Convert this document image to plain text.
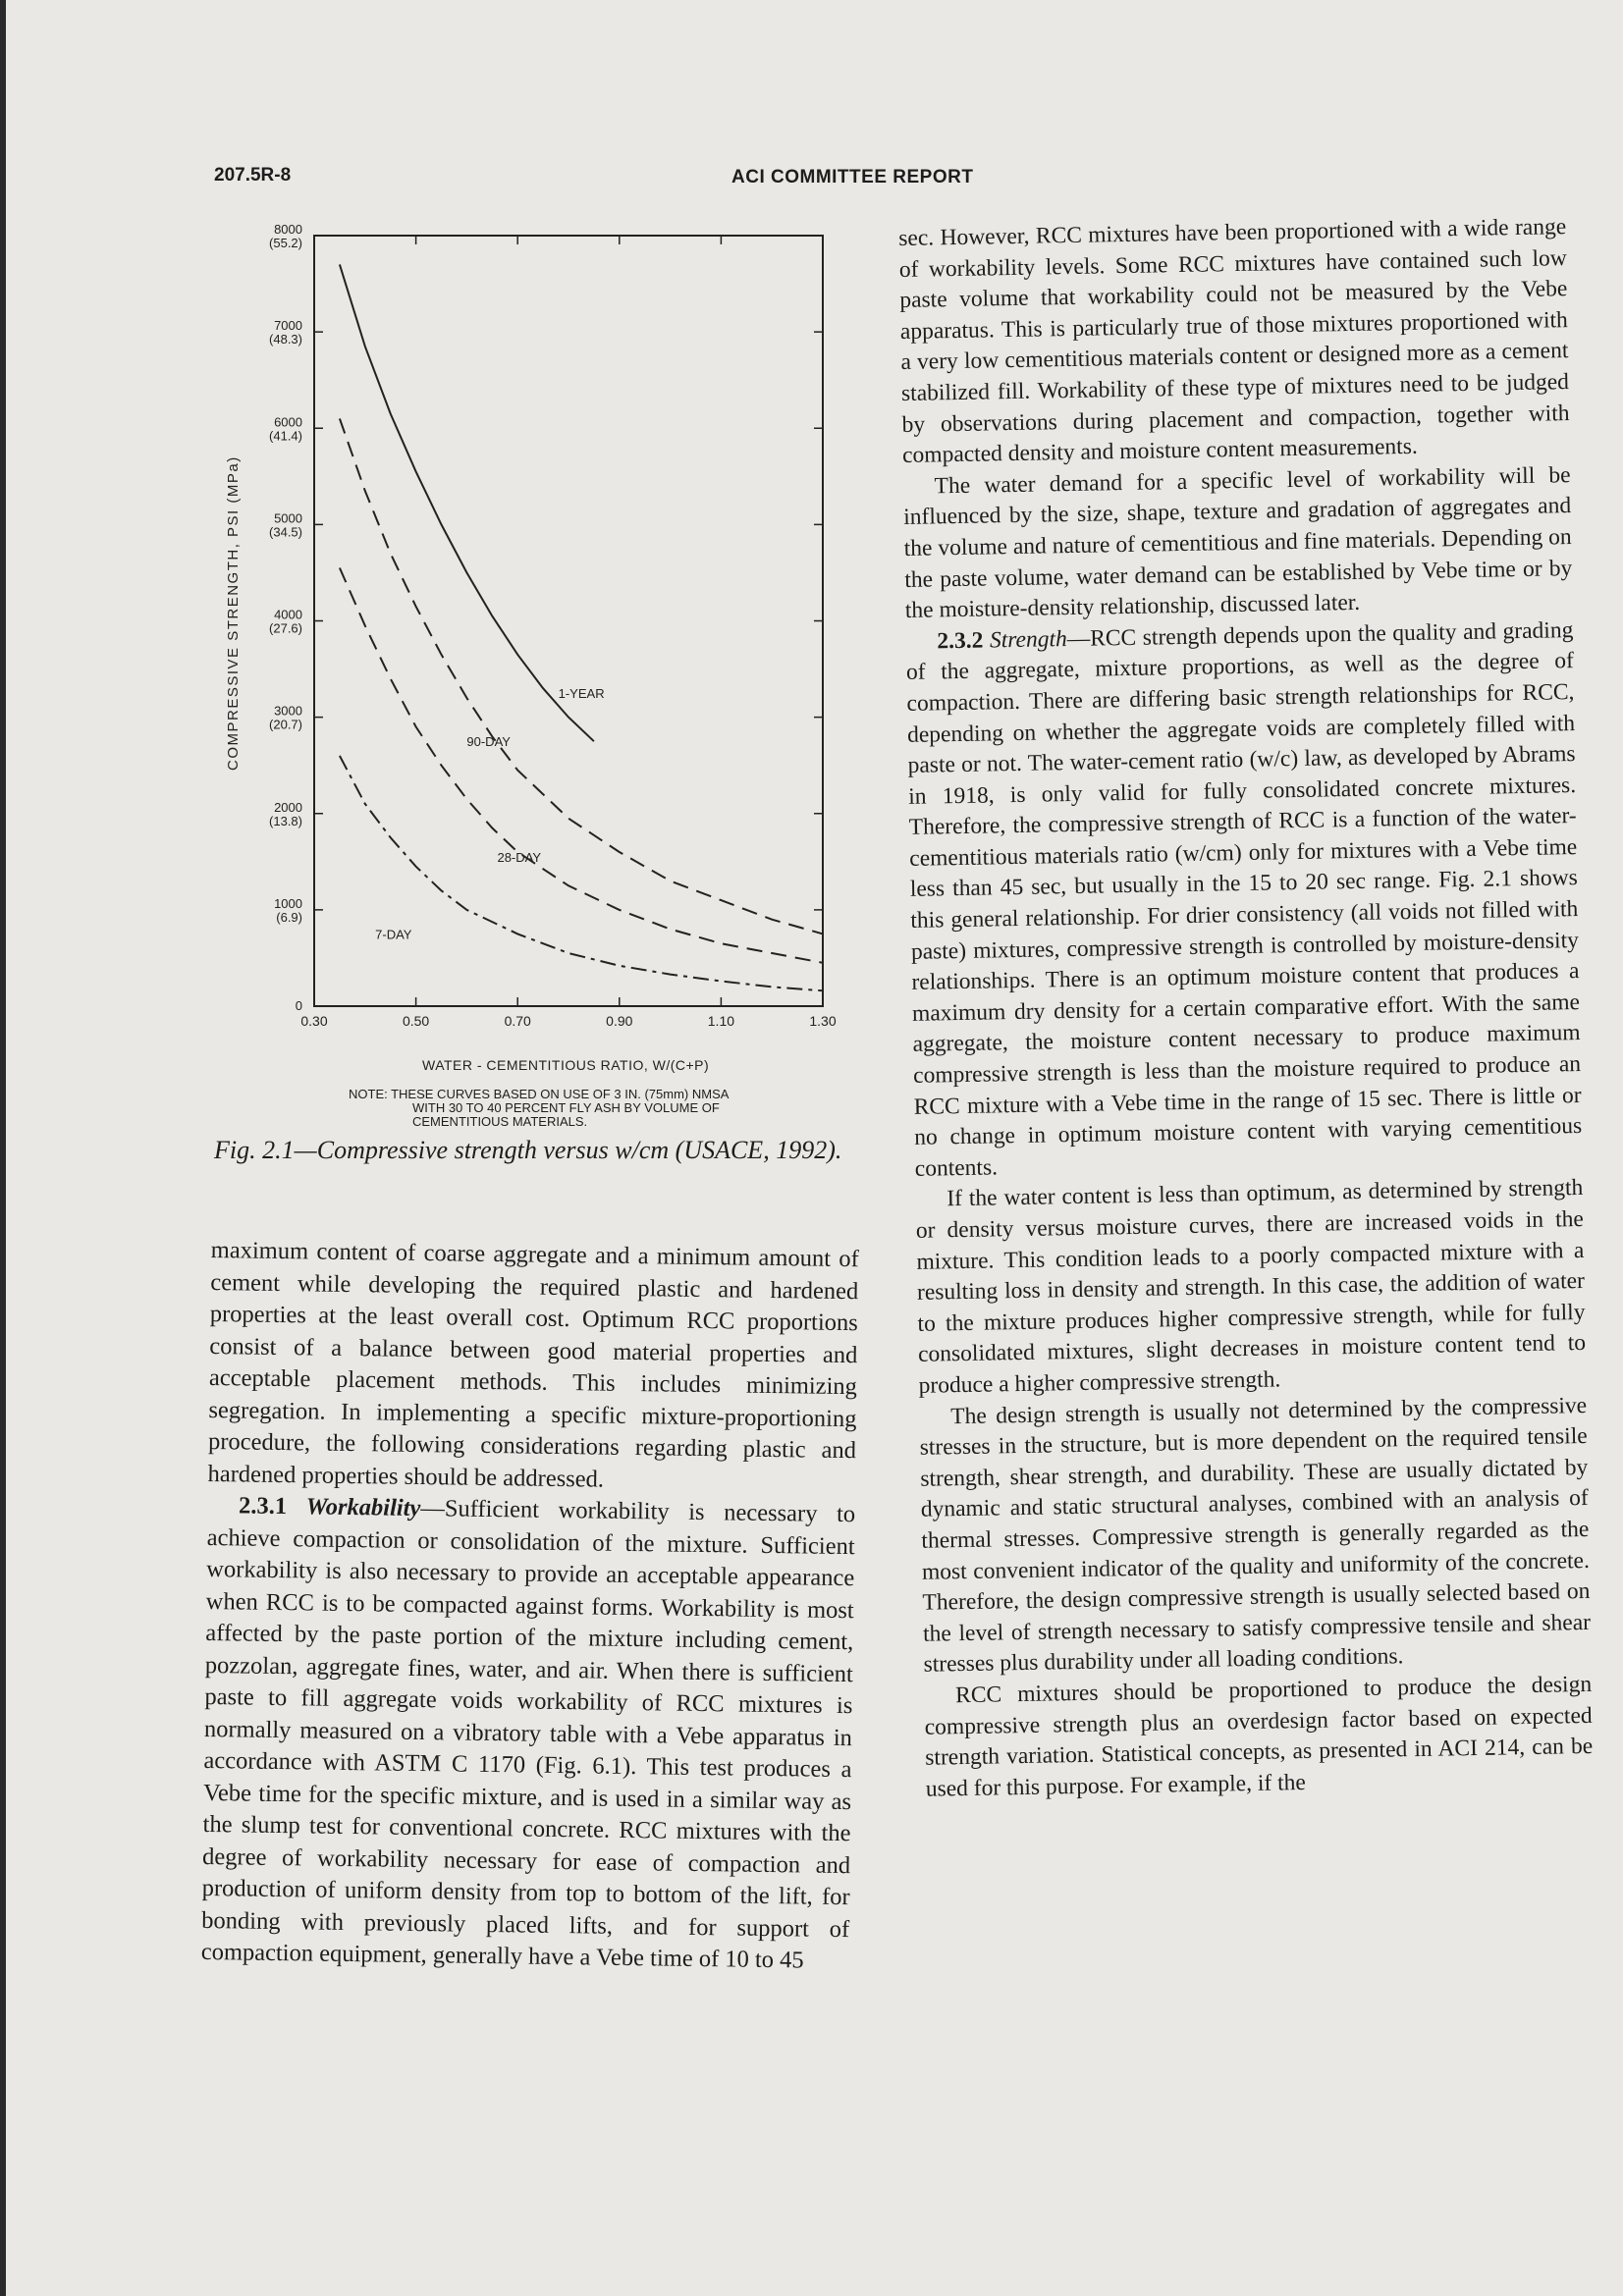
207.5R-8	ACI COMMITTEE REPORT
0
1000
(6.9)
2000
(13.8)
3000
(20.7)
4000
(27.6)
5000
(34.5)
6000
(41.4)
7000
(48.3)
8000
(55.2)
0.30	0.50	0.70	0.90	1.10	1.30
1-YEAR
90-DAY
28-DAY
7-DAY
COMPRESSIVE STRENGTH, PSI (MPa)
WATER - CEMENTITIOUS RATIO, W/(C+P)
NOTE: THESE CURVES BASED ON USE OF 3 IN. (75mm) NMSA
WITH 30 TO 40 PERCENT FLY ASH BY VOLUME OF
CEMENTITIOUS MATERIALS.
Fig. 2.1—Compressive strength versus w/cm (USACE, 1992).

maximum content of coarse aggregate and a minimum amount of cement while developing the required plastic and hardened properties at the least overall cost. Optimum RCC proportions consist of a balance between good material properties and acceptable placement methods. This includes minimizing segregation. In implementing a specific mixture-proportioning procedure, the following considerations regarding plastic and hardened properties should be addressed.

2.3.1 Workability—Sufficient workability is necessary to achieve compaction or consolidation of the mixture. Sufficient workability is also necessary to provide an acceptable appearance when RCC is to be compacted against forms. Workability is most affected by the paste portion of the mixture including cement, pozzolan, aggregate fines, water, and air. When there is sufficient paste to fill aggregate voids workability of RCC mixtures is normally measured on a vibratory table with a Vebe apparatus in accordance with ASTM C 1170 (Fig. 6.1). This test produces a Vebe time for the specific mixture, and is used in a similar way as the slump test for conventional concrete. RCC mixtures with the degree of workability necessary for ease of compaction and production of uniform density from top to bottom of the lift, for bonding with previously placed lifts, and for support of compaction equipment, generally have a Vebe time of 10 to 45

sec. However, RCC mixtures have been proportioned with a wide range of workability levels. Some RCC mixtures have contained such low paste volume that workability could not be measured by the Vebe apparatus. This is particularly true of those mixtures proportioned with a very low cementitious materials content or designed more as a cement stabilized fill. Workability of these type of mixtures need to be judged by observations during placement and compaction, together with compacted density and moisture content measurements.

The water demand for a specific level of workability will be influenced by the size, shape, texture and gradation of aggregates and the volume and nature of cementitious and fine materials. Depending on the paste volume, water demand can be established by Vebe time or by the moisture-density relationship, discussed later.

2.3.2 Strength—RCC strength depends upon the quality and grading of the aggregate, mixture proportions, as well as the degree of compaction. There are differing basic strength relationships for RCC, depending on whether the aggregate voids are completely filled with paste or not. The water-cement ratio (w/c) law, as developed by Abrams in 1918, is only valid for fully consolidated concrete mixtures. Therefore, the compressive strength of RCC is a function of the water-cementitious materials ratio (w/cm) only for mixtures with a Vebe time less than 45 sec, but usually in the 15 to 20 sec range. Fig. 2.1 shows this general relationship. For drier consistency (all voids not filled with paste) mixtures, compressive strength is controlled by moisture-density relationships. There is an optimum moisture content that produces a maximum dry density for a certain comparative effort. With the same aggregate, the moisture content necessary to produce maximum compressive strength is less than the moisture required to produce an RCC mixture with a Vebe time in the range of 15 sec. There is little or no change in optimum moisture content with varying cementitious contents.

If the water content is less than optimum, as determined by strength or density versus moisture curves, there are increased voids in the mixture. This condition leads to a poorly compacted mixture with a resulting loss in density and strength. In this case, the addition of water to the mixture produces higher compressive strength, while for fully consolidated mixtures, slight decreases in moisture content tend to produce a higher compressive strength.

The design strength is usually not determined by the compressive stresses in the structure, but is more dependent on the required tensile strength, shear strength, and durability. These are usually dictated by dynamic and static structural analyses, combined with an analysis of thermal stresses. Compressive strength is generally regarded as the most convenient indicator of the quality and uniformity of the concrete. Therefore, the design compressive strength is usually selected based on the level of strength necessary to satisfy compressive tensile and shear stresses plus durability under all loading conditions.

RCC mixtures should be proportioned to produce the design compressive strength plus an overdesign factor based on expected strength variation. Statistical concepts, as presented in ACI 214, can be used for this purpose. For example, if the
